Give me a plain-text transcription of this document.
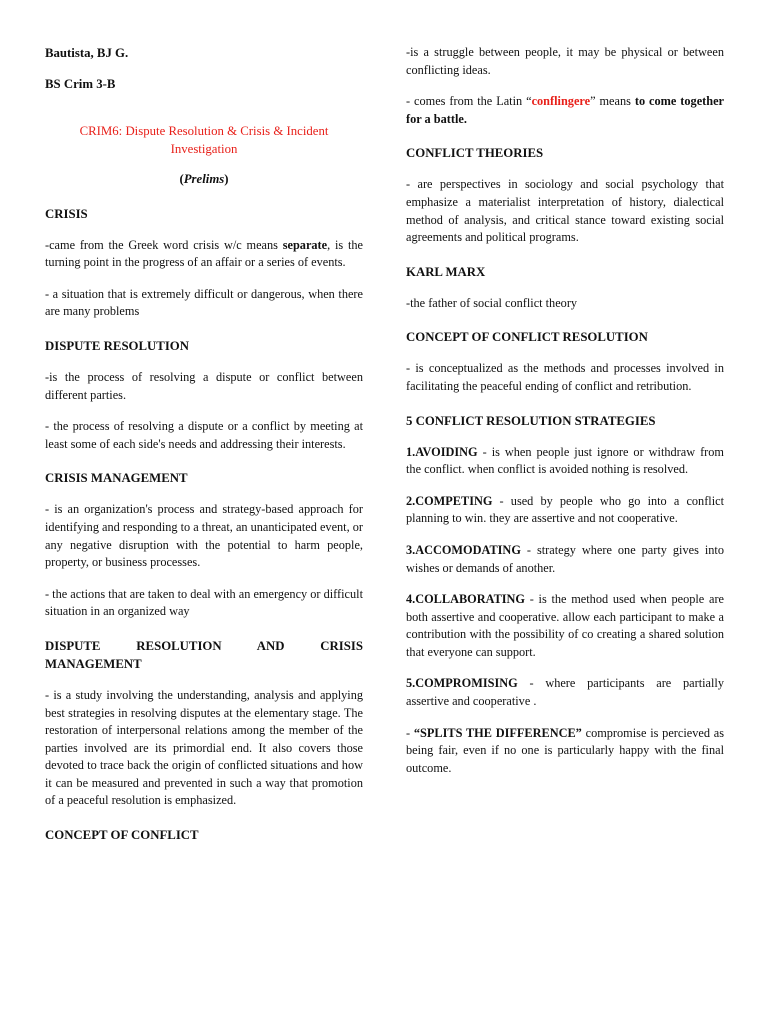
Bautista, BJ G.

BS Crim 3-B

CRIM6: Dispute Resolution & Crisis & Incident Investigation

(Prelims)

CRISIS

-came from the Greek word crisis w/c means separate, is the turning point in the progress of an affair or a series of events.

- a situation that is extremely difficult or dangerous, when there are many problems

DISPUTE RESOLUTION

-is the process of resolving a dispute or conflict between different parties.

- the process of resolving a dispute or a conflict by meeting at least some of each side's needs and addressing their interests.

CRISIS MANAGEMENT

- is an organization's process and strategy-based approach for identifying and responding to a threat, an unanticipated event, or any negative disruption with the potential to harm people, property, or business processes.

- the actions that are taken to deal with an emergency or difficult situation in an organized way

DISPUTE RESOLUTION AND CRISIS

MANAGEMENT

- is a study involving the understanding, analysis and applying best strategies in resolving disputes at the elementary stage. The restoration of interpersonal relations among the member of the parties involved are its primordial end. It also covers those devoted to trace back the origin of conflicted situations and how it can be measured and prevented in such a way that promotion of a peaceful resolution is emphasized.

CONCEPT OF CONFLICT

-is a struggle between people, it may be physical or between conflicting ideas.

- comes from the Latin “conflingere” means to come together for a battle.

CONFLICT THEORIES

- are perspectives in sociology and social psychology that emphasize a materialist interpretation of history, dialectical method of analysis, and critical stance toward existing social agreements and political programs.

KARL MARX

-the father of social conflict theory

CONCEPT OF CONFLICT RESOLUTION

- is conceptualized as the methods and processes involved in facilitating the peaceful ending of conflict and retribution.

5 CONFLICT RESOLUTION STRATEGIES

1.AVOIDING - is when people just ignore or withdraw from the conflict. when conflict is avoided nothing is resolved.

2.COMPETING - used by people who go into a conflict planning to win. they are assertive and not cooperative.

3.ACCOMODATING - strategy where one party gives into wishes or demands of another.

4.COLLABORATING - is the method used when people are both assertive and cooperative. allow each participant to make a contribution with the possibility of co creating a shared solution that everyone can support.

5.COMPROMISING - where participants are partially assertive and cooperative .

- “SPLITS THE DIFFERENCE” compromise is percieved as being fair, even if no one is particularly happy with the final outcome.
